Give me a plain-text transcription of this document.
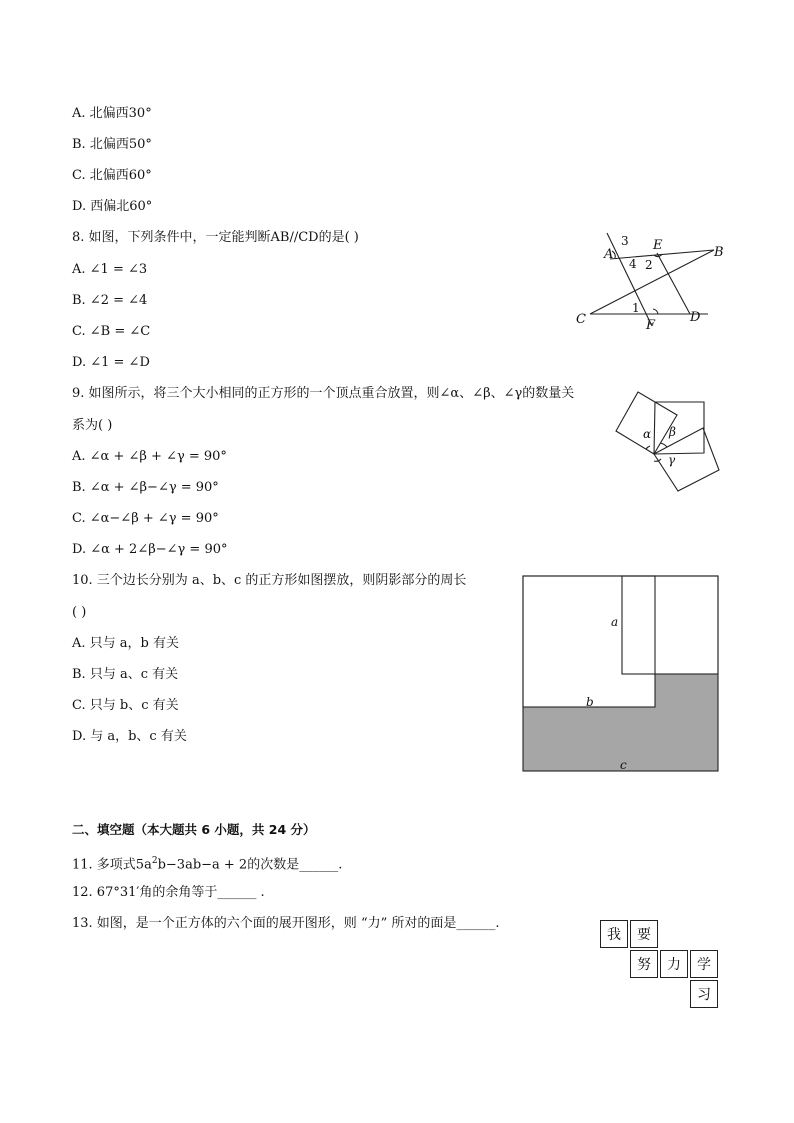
A. 北偏西30°
B. 北偏西50°
C. 北偏西60°
D. 西偏北60°
8. 如图，下列条件中，一定能判断AB//CD的是( )
A. ∠1 = ∠3
B. ∠2 = ∠4
C. ∠B = ∠C
D. ∠1 = ∠D
A	B
C	D
E
F
1
2
3
4
9. 如图所示，将三个大小相同的正方形的一个顶点重合放置，则∠α、∠β、∠γ的数量关
系为( )
A. ∠α + ∠β + ∠γ = 90°
B. ∠α + ∠β−∠γ = 90°
C. ∠α−∠β + ∠γ = 90°
D. ∠α + 2∠β−∠γ = 90°
α β
γ
10. 三个边长分别为 a、b、c 的正方形如图摆放，则阴影部分的周长
( )
A. 只与 a，b 有关
B. 只与 a、c 有关
C. 只与 b、c 有关
D. 与 a，b、c 有关
a
b
c
二、填空题（本大题共 6 小题，共 24 分）
11. 多项式$5a^2b-3ab-a + 2$的次数是______.
12. 67°31′角的余角等于______ .
13. 如图，是一个正方体的六个面的展开图形，则 “力” 所对的面是______.
我	要
努	力	学
习
